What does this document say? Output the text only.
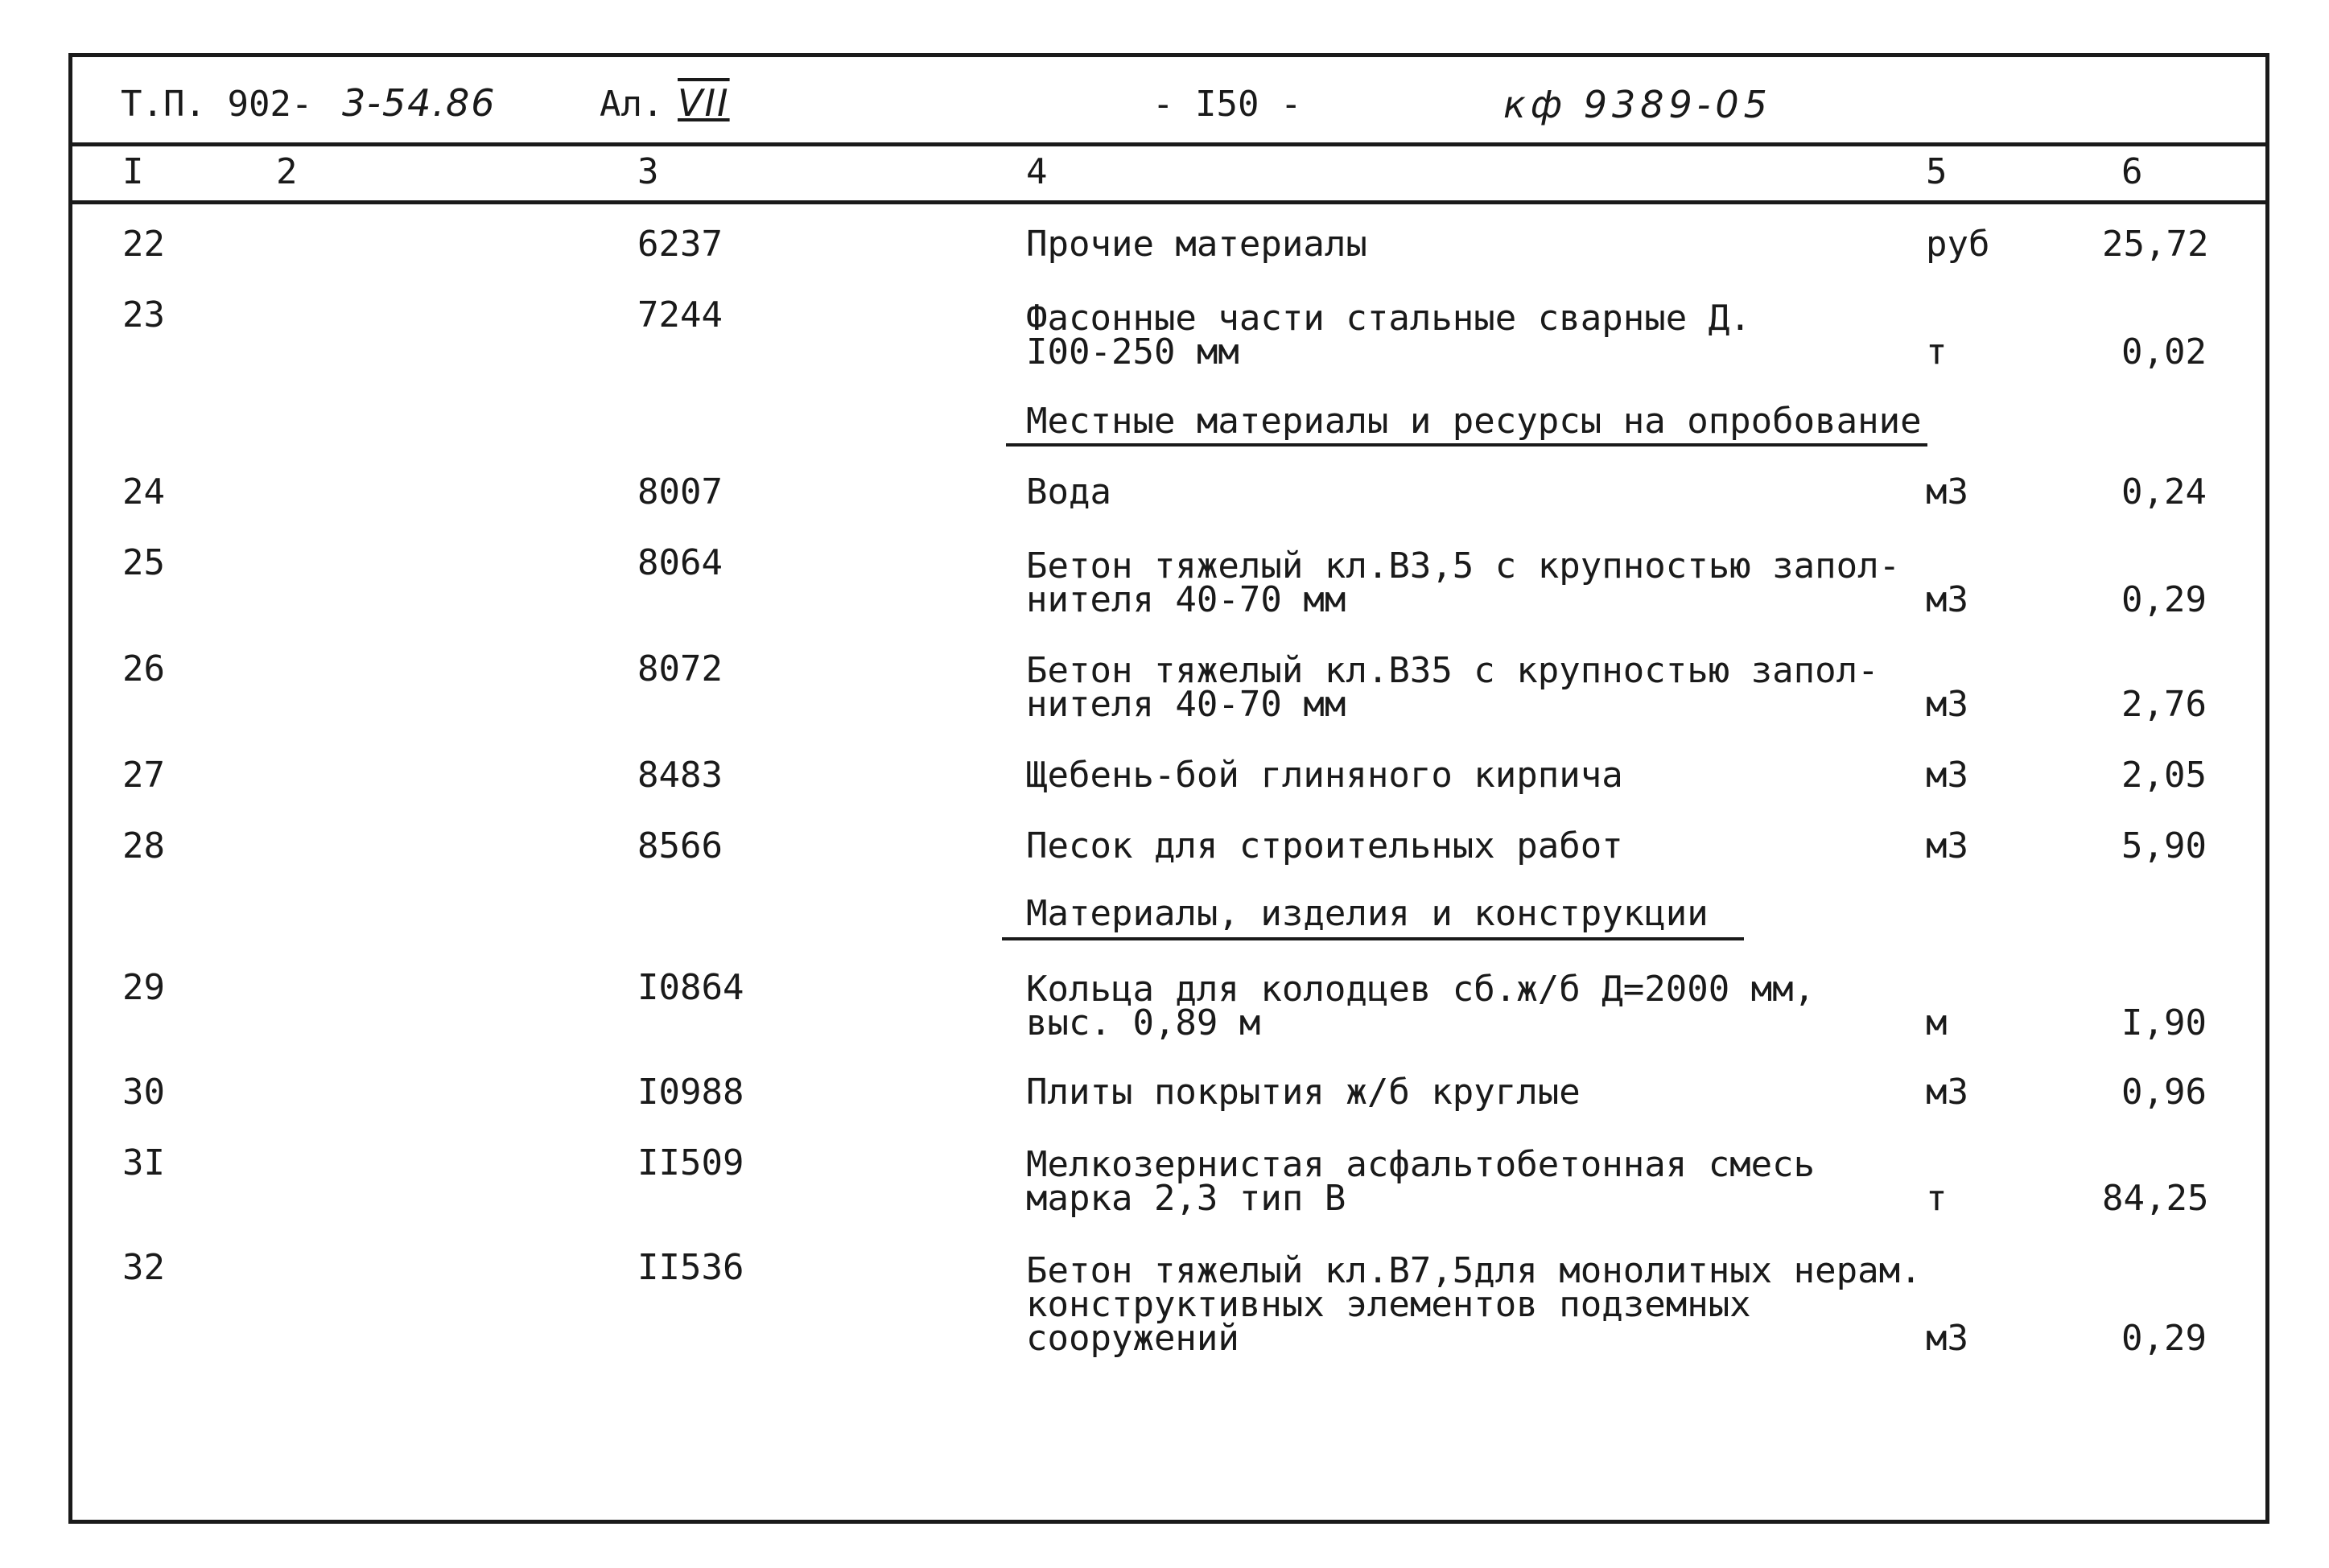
Т.П. 902- 3-54.86	Ал. VII	- I50 -	кф 9389-05
I	2	3	4	5	6
22	6237	Прочие материалы	руб	25,72
23	7244	Фасонные части стальные сварные Д.
I00-250 мм	т	0,02
Местные материалы и ресурсы на опробование
24	8007	Вода	м3	0,24
25	8064	Бетон тяжелый кл.В3,5 с крупностью запол-
нителя 40-70 мм	м3	0,29
26	8072	Бетон тяжелый кл.В35 с крупностью запол-
нителя 40-70 мм	м3	2,76
27	8483	Щебень-бой глиняного кирпича	м3	2,05
28	8566	Песок для строительных работ	м3	5,90
Материалы, изделия и конструкции
29	I0864	Кольца для колодцев сб.ж/б Д=2000 мм,
выс. 0,89 м	м	I,90
30	I0988	Плиты покрытия ж/б круглые	м3	0,96
3I	II509	Мелкозернистая асфальтобетонная смесь
марка 2,3 тип В	т	84,25
32	II536	Бетон тяжелый кл.В7,5для монолитных нерам.
конструктивных элементов подземных
сооружений	м3	0,29
